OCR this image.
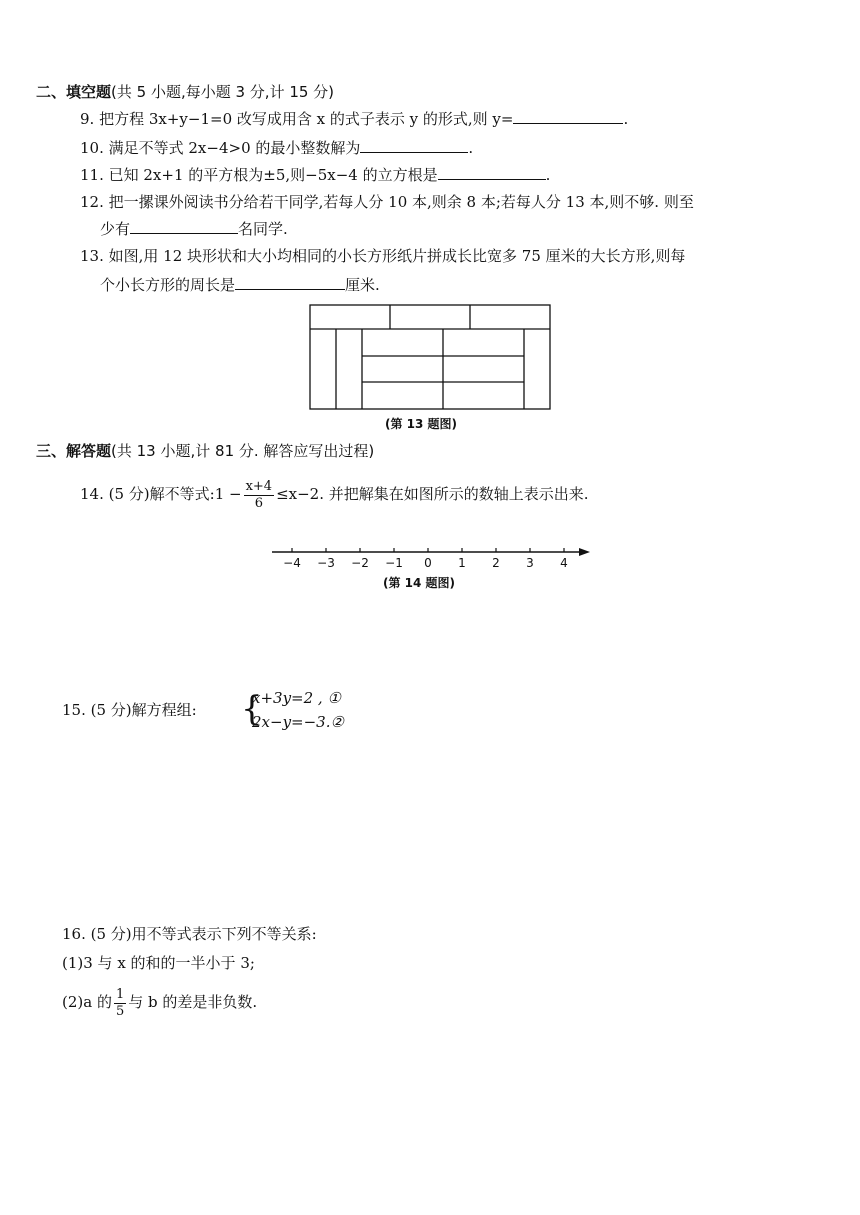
二、填空题(共 5 小题,每小题 3 分,计 15 分)
9. 把方程 3x+y−1=0 改写成用含 x 的式子表示 y 的形式,则 y=	.
10. 满足不等式 2x−4>0 的最小整数解为	.
11. 已知 2x+1 的平方根为±5,则−5x−4 的立方根是	.
12. 把一摞课外阅读书分给若干同学,若每人分 10 本,则余 8 本;若每人分 13 本,则不够. 则至
少有	名同学.
13. 如图,用 12 块形状和大小均相同的小长方形纸片拼成长比宽多 75 厘米的大长方形,则每
个小长方形的周长是	厘米.
(第 13 题图)
三、解答题(共 13 小题,计 81 分. 解答应写出过程)
14. (5 分)解不等式:1 − $\frac{x+4}{6} \le x-2$. 并把解集在如图所示的数轴上表示出来.
−4 −3 −2 −1 0 1 2 3 4
(第 14 题图)
15. (5 分)解方程组: {
x+3y=2 , ①
2x−y=−3.②
16. (5 分)用不等式表示下列不等关系:
(1)3 与 x 的和的一半小于 3;
(2)a 的 $\frac{1}{5}$ 与 b 的差是非负数.
